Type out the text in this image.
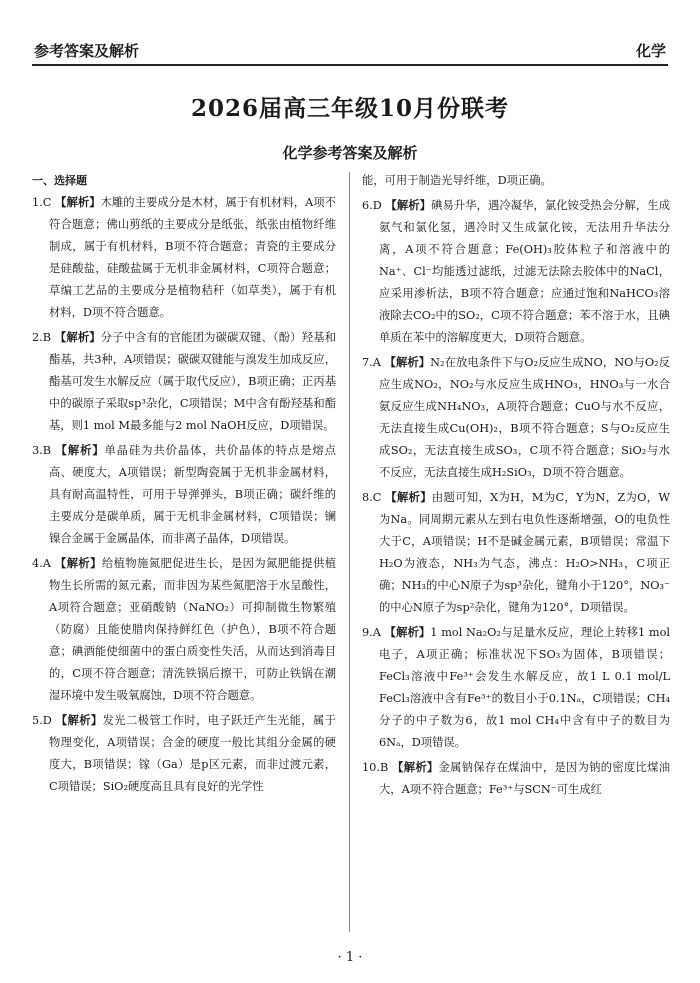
参考答案及解析	化学
2026届高三年级10月份联考
化学参考答案及解析
一、选择题

1.C 【解析】木雕的主要成分是木材，属于有机材料，A项不符合题意；佛山剪纸的主要成分是纸张，纸张由植物纤维制成，属于有机材料，B项不符合题意；青瓷的主要成分是硅酸盐，硅酸盐属于无机非金属材料，C项符合题意；草编工艺品的主要成分是植物秸秆（如草类），属于有机材料，D项不符合题意。

2.B 【解析】分子中含有的官能团为碳碳双键、（酚）羟基和酯基，共3种，A项错误；碳碳双键能与溴发生加成反应，酯基可发生水解反应（属于取代反应），B项正确；正丙基中的碳原子采取sp³杂化，C项错误；M中含有酚羟基和酯基，则1 mol M最多能与2 mol NaOH反应，D项错误。

3.B 【解析】单晶硅为共价晶体，共价晶体的特点是熔点高、硬度大，A项错误；新型陶瓷属于无机非金属材料，具有耐高温特性，可用于导弹弹头，B项正确；碳纤维的主要成分是碳单质，属于无机非金属材料，C项错误；镧镍合金属于金属晶体，而非离子晶体，D项错误。

4.A 【解析】给植物施氮肥促进生长，是因为氮肥能提供植物生长所需的氮元素，而非因为某些氮肥溶于水呈酸性，A项符合题意；亚硝酸钠（NaNO₂）可抑制微生物繁殖（防腐）且能使腊肉保持鲜红色（护色），B项不符合题意；碘酒能使细菌中的蛋白质变性失活，从而达到消毒目的，C项不符合题意；清洗铁锅后擦干，可防止铁锅在潮湿环境中发生吸氧腐蚀，D项不符合题意。

5.D 【解析】发光二极管工作时，电子跃迁产生光能，属于物理变化，A项错误；合金的硬度一般比其组分金属的硬度大，B项错误；镓（Ga）是p区元素，而非过渡元素，C项错误；SiO₂硬度高且具有良好的光学性

能，可用于制造光导纤维，D项正确。

6.D 【解析】碘易升华，遇冷凝华，氯化铵受热会分解，生成氨气和氯化氢，遇冷时又生成氯化铵，无法用升华法分离，A项不符合题意；Fe(OH)₃胶体粒子和溶液中的Na⁺、Cl⁻均能透过滤纸，过滤无法除去胶体中的NaCl，应采用渗析法，B项不符合题意；应通过饱和NaHCO₃溶液除去CO₂中的SO₂，C项不符合题意；苯不溶于水，且碘单质在苯中的溶解度更大，D项符合题意。

7.A 【解析】N₂在放电条件下与O₂反应生成NO，NO与O₂反应生成NO₂，NO₂与水反应生成HNO₃，HNO₃与一水合氨反应生成NH₄NO₃，A项符合题意；CuO与水不反应，无法直接生成Cu(OH)₂，B项不符合题意；S与O₂反应生成SO₂，无法直接生成SO₃，C项不符合题意；SiO₂与水不反应，无法直接生成H₂SiO₃，D项不符合题意。

8.C 【解析】由题可知，X为H，M为C，Y为N，Z为O，W为Na。同周期元素从左到右电负性逐渐增强，O的电负性大于C，A项错误；H不是碱金属元素，B项错误；常温下H₂O为液态，NH₃为气态，沸点：H₂O>NH₃，C项正确；NH₃的中心N原子为sp³杂化，键角小于120°，NO₃⁻的中心N原子为sp²杂化，键角为120°，D项错误。

9.A 【解析】1 mol Na₂O₂与足量水反应，理论上转移1 mol电子，A项正确；标准状况下SO₃为固体，B项错误；FeCl₃溶液中Fe³⁺会发生水解反应，故1 L 0.1 mol/L FeCl₃溶液中含有Fe³⁺的数目小于0.1Nₐ，C项错误；CH₄分子的中子数为6，故1 mol CH₄中含有中子的数目为6Nₐ，D项错误。

10.B 【解析】金属钠保存在煤油中，是因为钠的密度比煤油大，A项不符合题意；Fe³⁺与SCN⁻可生成红

· 1 ·
